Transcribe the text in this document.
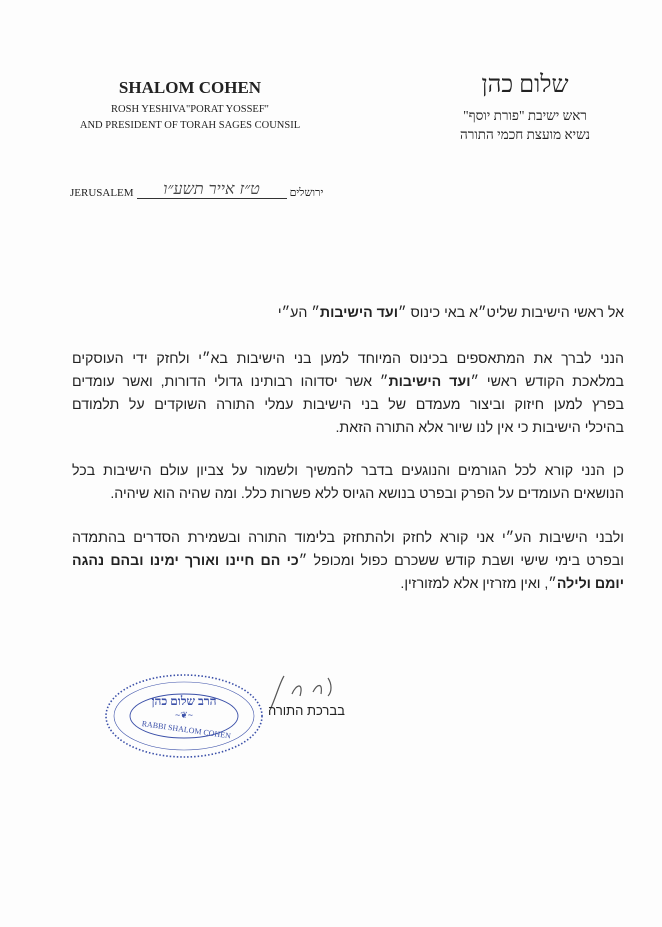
שלום כהן
ראש ישיבת "פורת יוסף"
נשיא מועצת חכמי התורה
SHALOM COHEN
ROSH YESHIVA"PORAT YOSSEF"
AND PRESIDENT OF TORAH SAGES COUNSIL
JERUSALEM	ט״ז אייר תשע״ו	ירושלים
אל ראשי הישיבות שליט״א באי כינוס ״ועד הישיבות״ הע״י
הנני לברך את המתאספים בכינוס המיוחד למען בני הישיבות בא״י ולחזק ידי העוסקים
במלאכת הקודש ראשי ״ועד הישיבות״ אשר יסדוהו רבותינו גדולי הדורות, ואשר עומדים
בפרץ למען חיזוק וביצור מעמדם של בני הישיבות עמלי התורה השוקדים על תלמודם
בהיכלי הישיבות כי אין לנו שיור אלא התורה הזאת.
כן הנני קורא לכל הגורמים והנוגעים בדבר להמשיך ולשמור על צביון עולם הישיבות בכל
הנושאים העומדים על הפרק ובפרט בנושא הגיוס ללא פשרות כלל. ומה שהיה הוא שיהיה.
ולבני הישיבות הע״י אני קורא לחזק ולהתחזק בלימוד התורה ובשמירת הסדרים בהתמדה
ובפרט בימי שישי ושבת קודש ששכרם כפול ומכופל ״כי הם חיינו ואורך ימינו ובהם נהגה
יומם ולילה״, ואין מזרזין אלא למזורזין.
הרב שלום כהן
~❦~
RABBI SHALOM COHEN
בברכת התורה
